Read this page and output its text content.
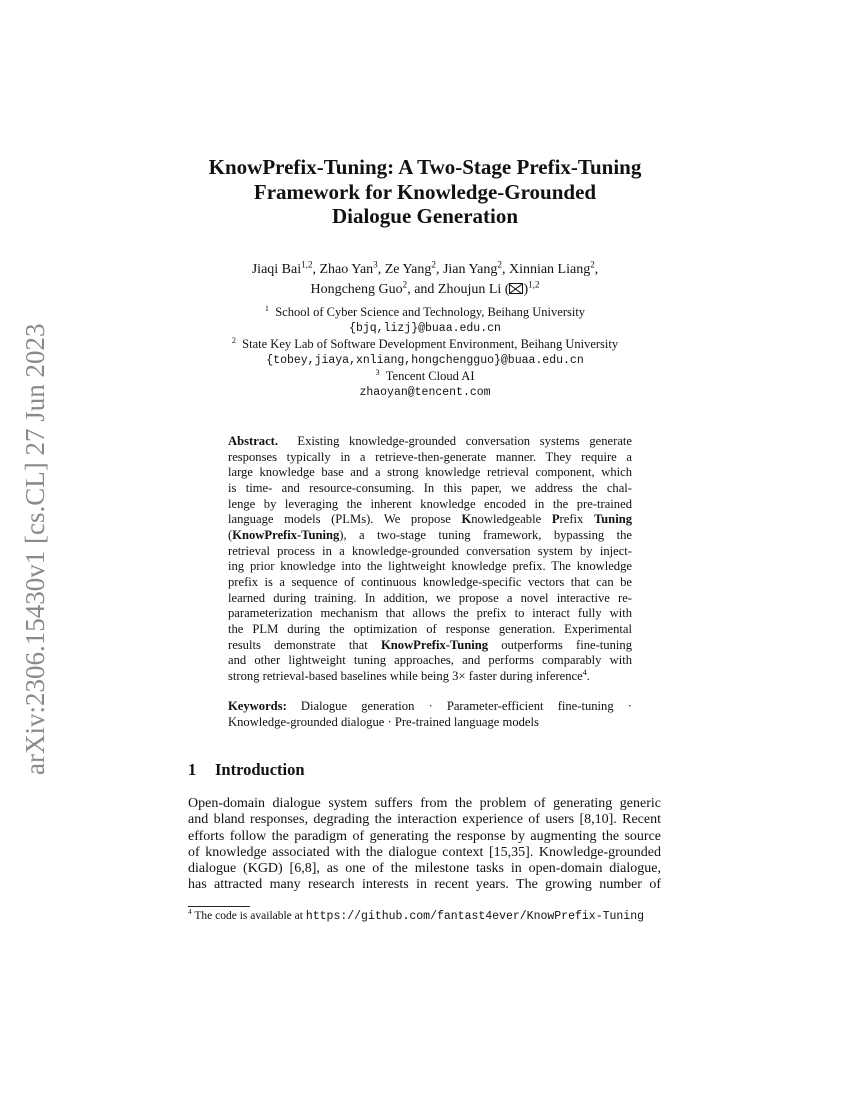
arXiv:2306.15430v1 [cs.CL] 27 Jun 2023
KnowPrefix-Tuning: A Two-Stage Prefix-Tuning
Framework for Knowledge-Grounded
Dialogue Generation
Jiaqi Bai$^{1,2}$, Zhao Yan$^3$, Ze Yang$^2$, Jian Yang$^2$, Xinnian Liang$^2$,
Hongcheng Guo$^2$, and Zhoujun Li ( )$^{1,2}$
$^1$ School of Cyber Science and Technology, Beihang University
{bjq,lizj}@buaa.edu.cn
$^2$ State Key Lab of Software Development Environment, Beihang University
{tobey,jiaya,xnliang,hongchengguo}@buaa.edu.cn
$^3$ Tencent Cloud AI
zhaoyan@tencent.com
Abstract.  Existing knowledge-grounded conversation systems generate
responses typically in a retrieve-then-generate manner. They require a
large knowledge base and a strong knowledge retrieval component, which
is time- and resource-consuming. In this paper, we address the chal-
lenge by leveraging the inherent knowledge encoded in the pre-trained
language models (PLMs). We propose Knowledgeable Prefix Tuning
(KnowPrefix-Tuning), a two-stage tuning framework, bypassing the
retrieval process in a knowledge-grounded conversation system by inject-
ing prior knowledge into the lightweight knowledge prefix. The knowledge
prefix is a sequence of continuous knowledge-specific vectors that can be
learned during training. In addition, we propose a novel interactive re-
parameterization mechanism that allows the prefix to interact fully with
the PLM during the optimization of response generation. Experimental
results demonstrate that KnowPrefix-Tuning outperforms fine-tuning
and other lightweight tuning approaches, and performs comparably with
strong retrieval-based baselines while being 3× faster during inference$^4$.
Keywords: Dialogue generation · Parameter-efficient fine-tuning ·
Knowledge-grounded dialogue · Pre-trained language models
1 Introduction
Open-domain dialogue system suffers from the problem of generating generic
and bland responses, degrading the interaction experience of users [8,10]. Recent
efforts follow the paradigm of generating the response by augmenting the source
of knowledge associated with the dialogue context [15,35]. Knowledge-grounded
dialogue (KGD) [6,8], as one of the milestone tasks in open-domain dialogue,
has attracted many research interests in recent years. The growing number of
$^4$ The code is available at https://github.com/fantast4ever/KnowPrefix-Tuning
